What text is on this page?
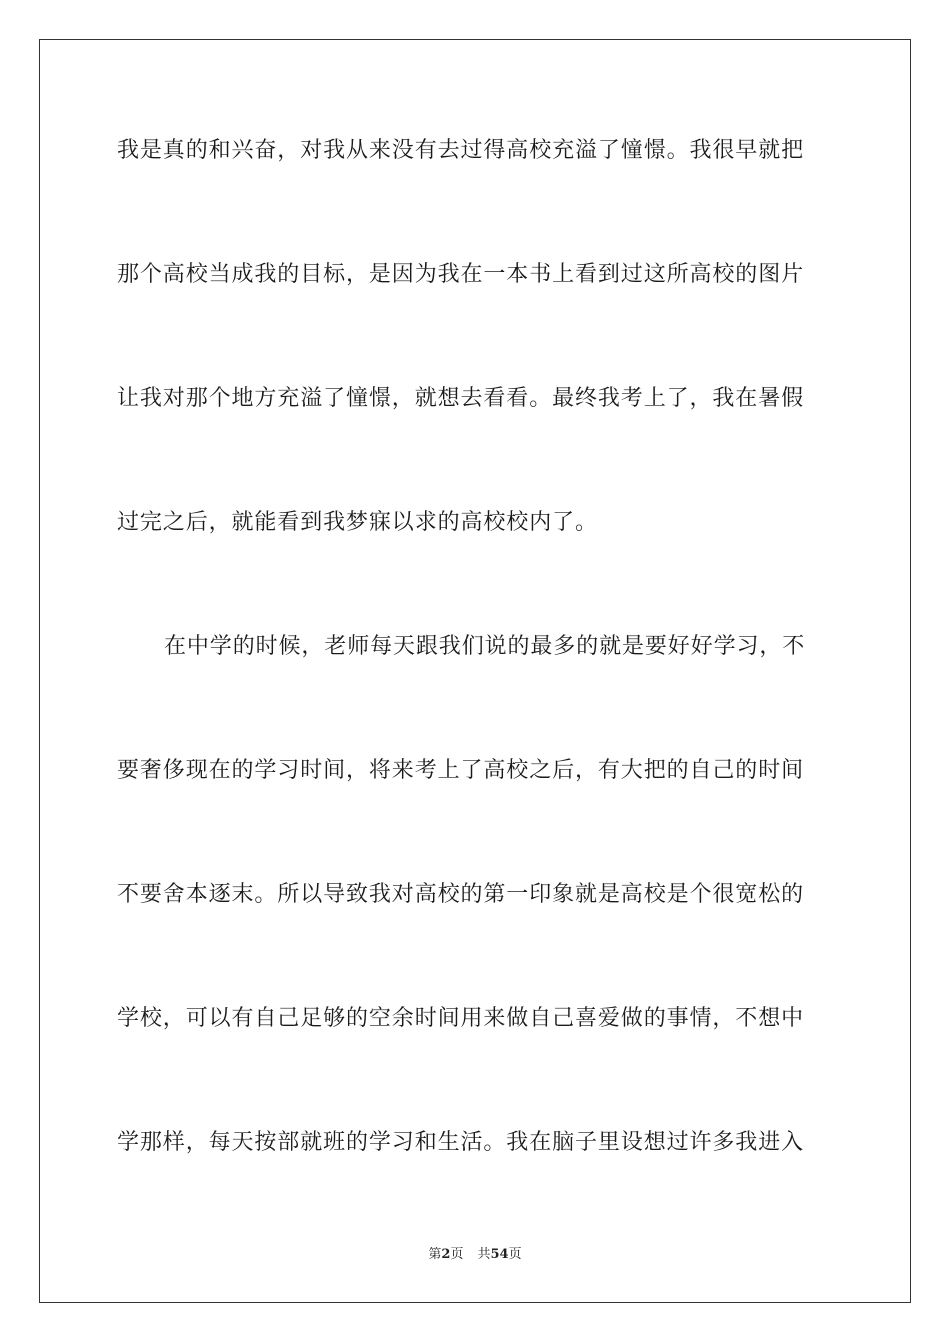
我是真的和兴奋，对我从来没有去过得高校充溢了憧憬。我很早就把
那个高校当成我的目标，是因为我在一本书上看到过这所高校的图片
让我对那个地方充溢了憧憬，就想去看看。最终我考上了，我在暑假
过完之后，就能看到我梦寐以求的高校校内了。
在中学的时候，老师每天跟我们说的最多的就是要好好学习，不
要奢侈现在的学习时间，将来考上了高校之后，有大把的自己的时间
不要舍本逐末。所以导致我对高校的第一印象就是高校是个很宽松的
学校，可以有自己足够的空余时间用来做自己喜爱做的事情，不想中
学那样，每天按部就班的学习和生活。我在脑子里设想过许多我进入
第2页 共54页
